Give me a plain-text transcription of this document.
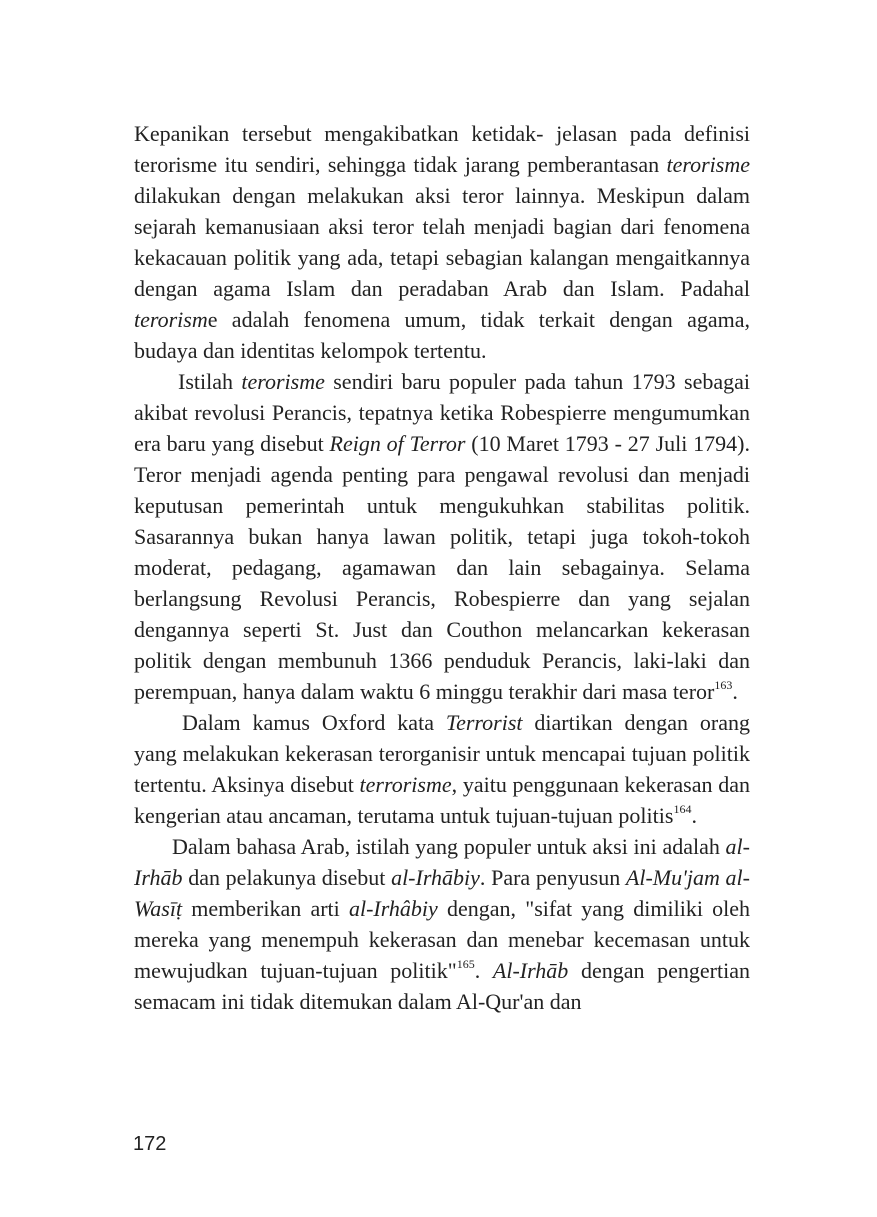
Kepanikan tersebut mengakibatkan ketidak- jelasan pada definisi terorisme itu sendiri, sehingga tidak jarang pemberantasan terorisme dilakukan dengan melakukan aksi teror lainnya. Meskipun dalam sejarah kemanusiaan aksi teror telah menjadi bagian dari fenomena kekacauan politik yang ada, tetapi sebagian kalangan mengaitkannya dengan agama Islam dan peradaban Arab dan Islam. Padahal terorisme adalah fenomena umum, tidak terkait dengan agama, budaya dan identitas kelompok tertentu.

Istilah terorisme sendiri baru populer pada tahun 1793 sebagai akibat revolusi Perancis, tepatnya ketika Robespierre mengumumkan era baru yang disebut Reign of Terror (10 Maret 1793 - 27 Juli 1794). Teror menjadi agenda penting para pengawal revolusi dan menjadi keputusan pemerintah untuk mengukuhkan stabilitas politik. Sasarannya bukan hanya lawan politik, tetapi juga tokoh-tokoh moderat, pedagang, agamawan dan lain sebagainya. Selama berlangsung Revolusi Perancis, Robespierre dan yang sejalan dengannya seperti St. Just dan Couthon melancarkan kekerasan politik dengan membunuh 1366 penduduk Perancis, laki-laki dan perempuan, hanya dalam waktu 6 minggu terakhir dari masa teror$^{163}$.

Dalam kamus Oxford kata Terrorist diartikan dengan orang yang melakukan kekerasan terorganisir untuk mencapai tujuan politik tertentu. Aksinya disebut terrorisme, yaitu penggunaan kekerasan dan kengerian atau ancaman, terutama untuk tujuan-tujuan politis$^{164}$.

Dalam bahasa Arab, istilah yang populer untuk aksi ini adalah al-Irhāb dan pelakunya disebut al-Irhābiy. Para penyusun Al-Mu'jam al-Wasīṭ memberikan arti al-Irhâbiy dengan, "sifat yang dimiliki oleh mereka yang menempuh kekerasan dan menebar kecemasan untuk mewujudkan tujuan-tujuan politik"$^{165}$. Al-Irhāb dengan pengertian semacam ini tidak ditemukan dalam Al-Qur'an dan

172
